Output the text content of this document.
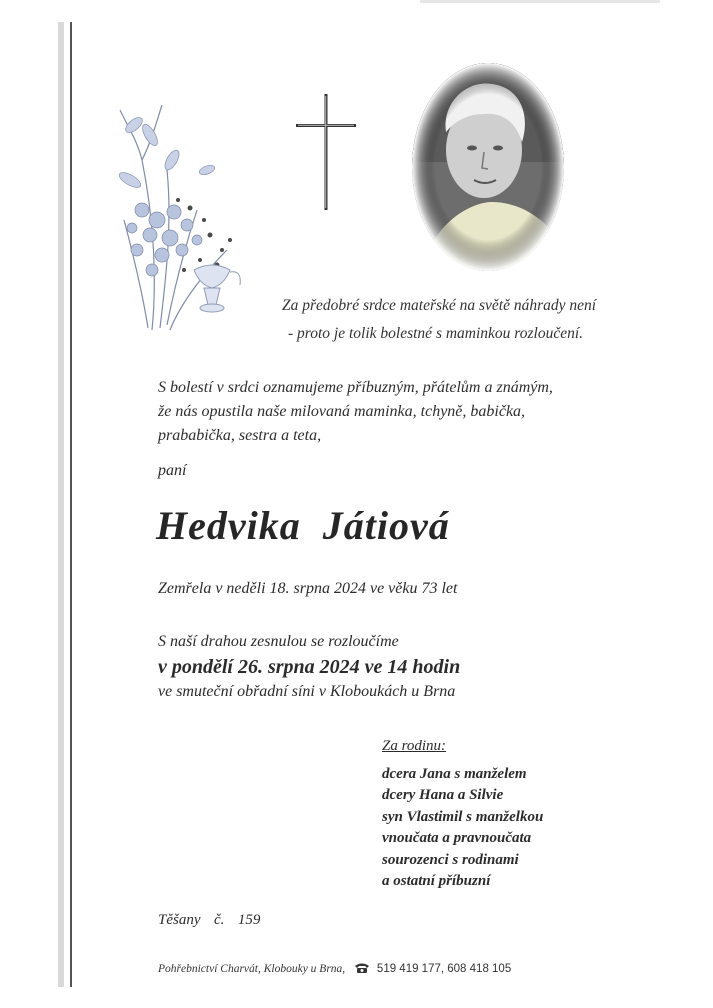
Za předobré srdce mateřské na světě náhrady není
- proto je tolik bolestné s maminkou rozloučení.
S bolestí v srdci oznamujeme příbuzným, přátelům a známým,
že nás opustila naše milovaná maminka, tchyně, babička,
prababička, sestra a teta,
paní
Hedvika  Játiová
Zemřela v neděli 18. srpna 2024 ve věku 73 let
S naší drahou zesnulou se rozloučíme
v pondělí 26. srpna 2024 ve 14 hodin
ve smuteční obřadní síni v Kloboukách u Brna
Za rodinu:
dcera Jana s manželem
dcery Hana a Silvie
syn Vlastimil s manželkou
vnoučata a pravnoučata
sourozenci s rodinami
a ostatní příbuzní
Těšany  č.  159
Pohřebnictví Charvát, Klobouky u Brna,	519 419 177, 608 418 105
